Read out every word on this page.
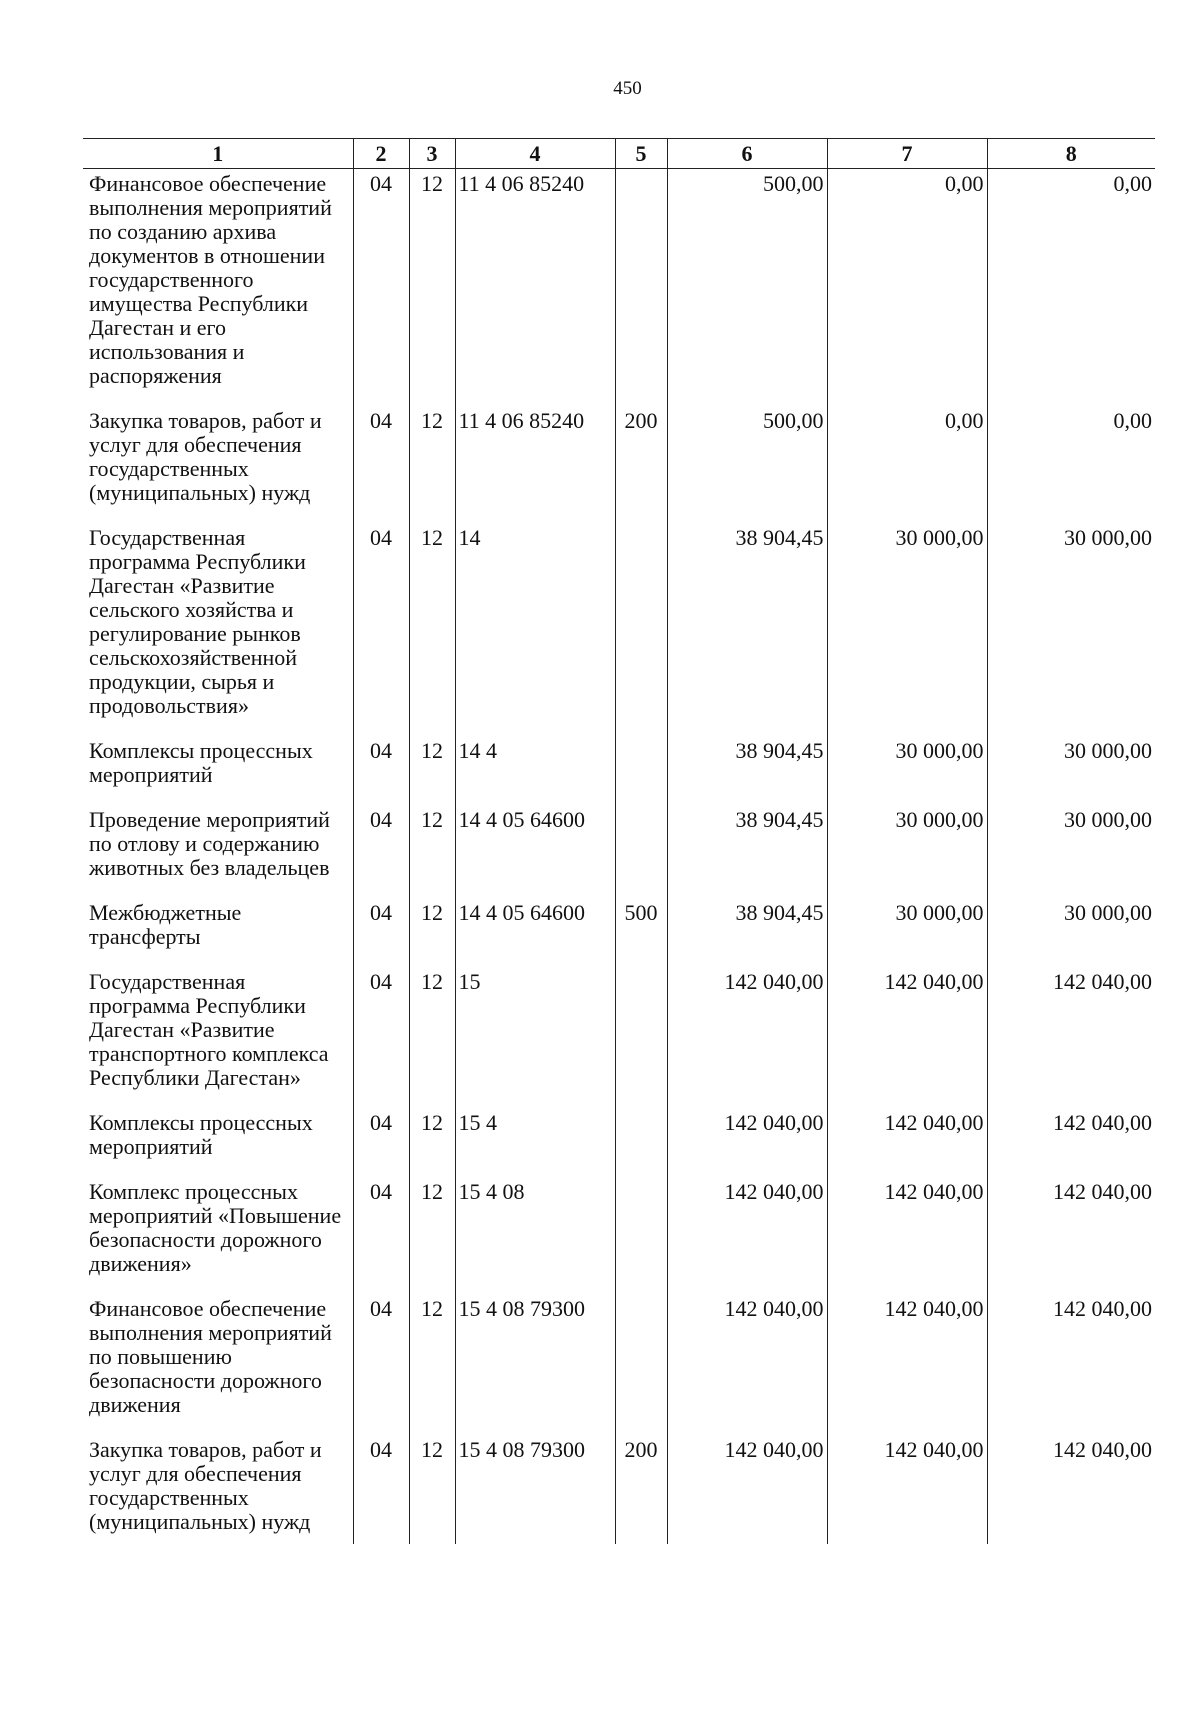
450
1	2	3	4	5	6	7	8
Финансовое обеспечение выполнения мероприятий по созданию архива документов в отношении государственного имущества Республики Дагестан и его использования и распоряжения	04	12	11 4 06 85240		500,00	0,00	0,00
Закупка товаров, работ и услуг для обеспечения государственных (муниципальных) нужд	04	12	11 4 06 85240	200	500,00	0,00	0,00
Государственная программа Республики Дагестан «Развитие сельского хозяйства и регулирование рынков сельскохозяйственной продукции, сырья и продовольствия»	04	12	14		38 904,45	30 000,00	30 000,00
Комплексы процессных мероприятий	04	12	14 4		38 904,45	30 000,00	30 000,00
Проведение мероприятий по отлову и содержанию животных без владельцев	04	12	14 4 05 64600		38 904,45	30 000,00	30 000,00
Межбюджетные трансферты	04	12	14 4 05 64600	500	38 904,45	30 000,00	30 000,00
Государственная программа Республики Дагестан «Развитие транспортного комплекса Республики Дагестан»	04	12	15		142 040,00	142 040,00	142 040,00
Комплексы процессных мероприятий	04	12	15 4		142 040,00	142 040,00	142 040,00
Комплекс процессных мероприятий «Повышение безопасности дорожного движения»	04	12	15 4 08		142 040,00	142 040,00	142 040,00
Финансовое обеспечение выполнения мероприятий по повышению безопасности дорожного движения	04	12	15 4 08 79300		142 040,00	142 040,00	142 040,00
Закупка товаров, работ и услуг для обеспечения государственных (муниципальных) нужд	04	12	15 4 08 79300	200	142 040,00	142 040,00	142 040,00
